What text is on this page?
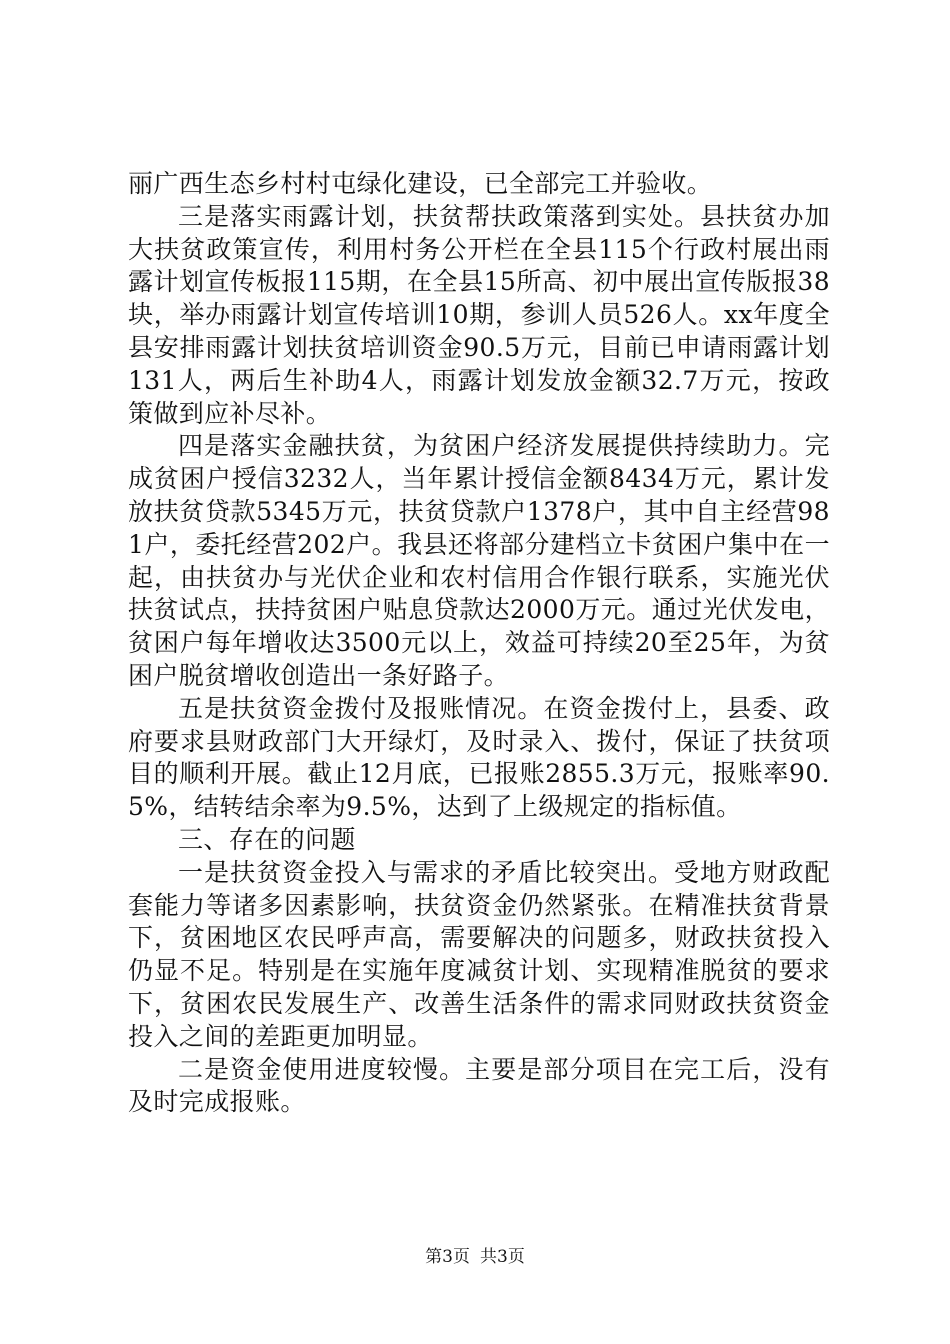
丽广西生态乡村村屯绿化建设，已全部完工并验收。

三是落实雨露计划，扶贫帮扶政策落到实处。县扶贫办加大扶贫政策宣传，利用村务公开栏在全县115个行政村展出雨露计划宣传板报115期，在全县15所高、初中展出宣传版报38块，举办雨露计划宣传培训10期，参训人员526人。xx年度全县安排雨露计划扶贫培训资金90.5万元，目前已申请雨露计划131人，两后生补助4人，雨露计划发放金额32.7万元，按政策做到应补尽补。

四是落实金融扶贫，为贫困户经济发展提供持续助力。完成贫困户授信3232人，当年累计授信金额8434万元，累计发放扶贫贷款5345万元，扶贫贷款户1378户，其中自主经营981户，委托经营202户。我县还将部分建档立卡贫困户集中在一起，由扶贫办与光伏企业和农村信用合作银行联系，实施光伏扶贫试点，扶持贫困户贴息贷款达2000万元。通过光伏发电，贫困户每年增收达3500元以上，效益可持续20至25年，为贫困户脱贫增收创造出一条好路子。

五是扶贫资金拨付及报账情况。在资金拨付上，县委、政府要求县财政部门大开绿灯，及时录入、拨付，保证了扶贫项目的顺利开展。截止12月底，已报账2855.3万元，报账率90.5%，结转结余率为9.5%，达到了上级规定的指标值。

三、存在的问题

一是扶贫资金投入与需求的矛盾比较突出。受地方财政配套能力等诸多因素影响，扶贫资金仍然紧张。在精准扶贫背景下，贫困地区农民呼声高，需要解决的问题多，财政扶贫投入仍显不足。特别是在实施年度减贫计划、实现精准脱贫的要求下，贫困农民发展生产、改善生活条件的需求同财政扶贫资金投入之间的差距更加明显。

二是资金使用进度较慢。主要是部分项目在完工后，没有及时完成报账。

第3页 共3页
